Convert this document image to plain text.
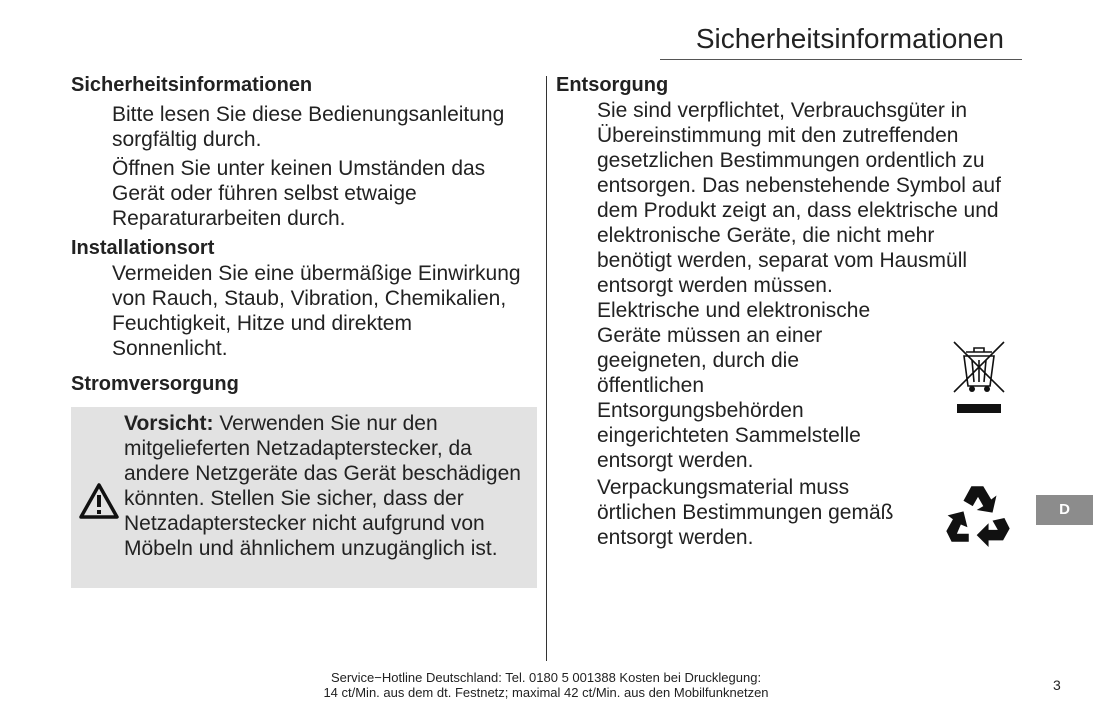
Sicherheitsinformationen
Sicherheitsinformationen
Bitte lesen Sie diese Bedienungsanleitung sorgfältig durch.
Öffnen Sie unter keinen Umständen das Gerät oder führen selbst etwaige Reparaturarbeiten durch.
Installationsort
Vermeiden Sie eine übermäßige Einwirkung von Rauch, Staub, Vibration, Chemikalien, Feuchtigkeit, Hitze und direktem Sonnenlicht.
Stromversorgung
Vorsicht: Verwenden Sie nur den mitgelieferten Netzadapterstecker, da andere Netzgeräte das Gerät beschädigen könnten. Stellen Sie sicher, dass der Netzadapterstecker nicht aufgrund von Möbeln und ähnlichem unzugänglich ist.
Entsorgung
Sie sind verpflichtet, Verbrauchsgüter in Übereinstimmung mit den zutreffenden gesetzlichen Bestimmungen ordentlich zu entsorgen. Das nebenstehende Symbol auf dem Produkt zeigt an, dass elektrische und elektronische Geräte, die nicht mehr benötigt werden, separat vom Hausmüll entsorgt werden müssen.
Elektrische und elektronische Geräte müssen an einer geeigneten, durch die öffentlichen Entsorgungsbehörden eingerichteten Sammelstelle entsorgt werden.
Verpackungsmaterial muss örtlichen Bestimmungen gemäß entsorgt werden.
D
Service−Hotline Deutschland: Tel. 0180 5 001388 Kosten bei Drucklegung:
14 ct/Min. aus dem dt. Festnetz; maximal 42 ct/Min. aus den Mobilfunknetzen	3
